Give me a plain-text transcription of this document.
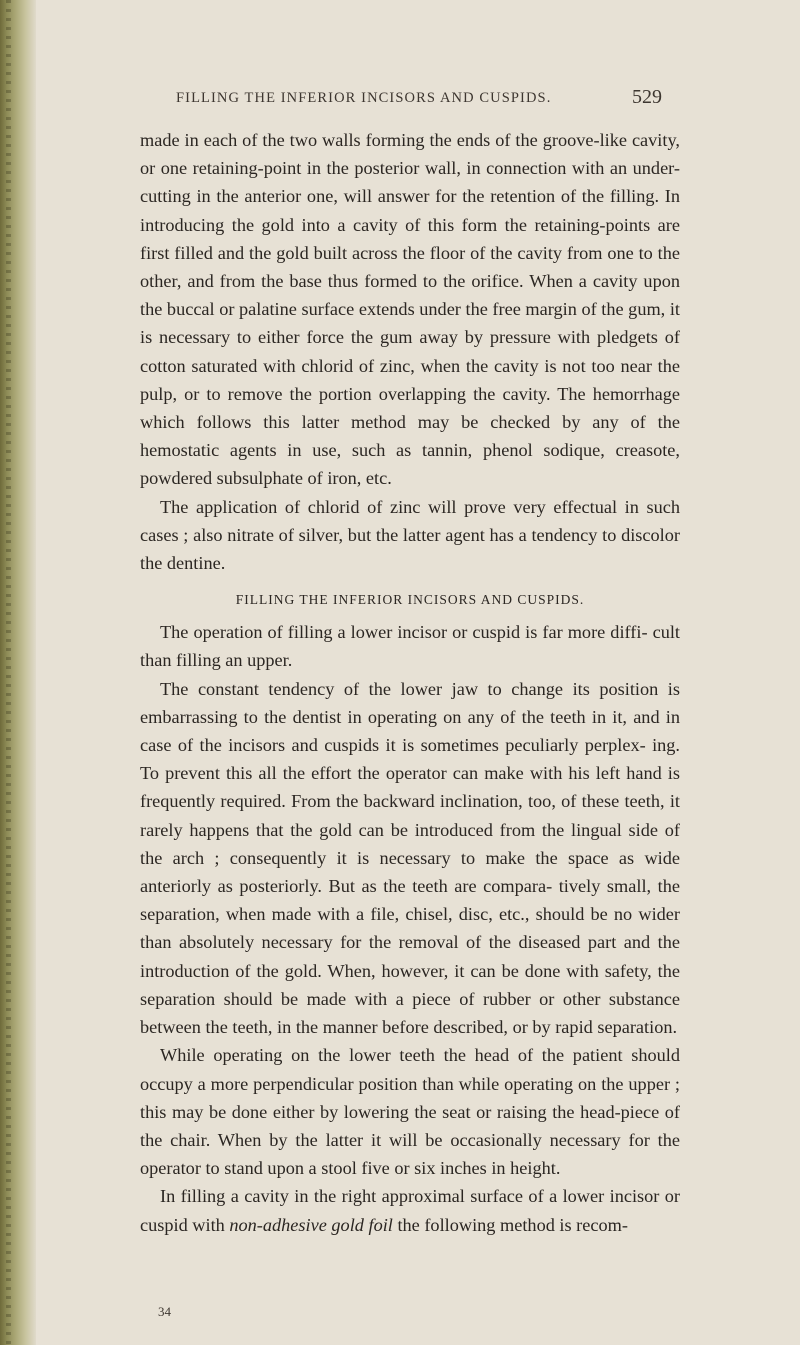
FILLING THE INFERIOR INCISORS AND CUSPIDS.	529

made in each of the two walls forming the ends of the groove-like cavity, or one retaining-point in the posterior wall, in connection with an under-cutting in the anterior one, will answer for the retention of the filling. In introducing the gold into a cavity of this form the retaining-points are first filled and the gold built across the floor of the cavity from one to the other, and from the base thus formed to the orifice. When a cavity upon the buccal or palatine surface extends under the free margin of the gum, it is necessary to either force the gum away by pressure with pledgets of cotton saturated with chlorid of zinc, when the cavity is not too near the pulp, or to remove the portion overlapping the cavity. The hemorrhage which follows this latter method may be checked by any of the hemostatic agents in use, such as tannin, phenol sodique, creasote, powdered subsulphate of iron, etc.

The application of chlorid of zinc will prove very effectual in such cases ; also nitrate of silver, but the latter agent has a tendency to discolor the dentine.

FILLING THE INFERIOR INCISORS AND CUSPIDS.

The operation of filling a lower incisor or cuspid is far more diffi- cult than filling an upper.

The constant tendency of the lower jaw to change its position is embarrassing to the dentist in operating on any of the teeth in it, and in case of the incisors and cuspids it is sometimes peculiarly perplex- ing. To prevent this all the effort the operator can make with his left hand is frequently required. From the backward inclination, too, of these teeth, it rarely happens that the gold can be introduced from the lingual side of the arch ; consequently it is necessary to make the space as wide anteriorly as posteriorly. But as the teeth are compara- tively small, the separation, when made with a file, chisel, disc, etc., should be no wider than absolutely necessary for the removal of the diseased part and the introduction of the gold. When, however, it can be done with safety, the separation should be made with a piece of rubber or other substance between the teeth, in the manner before described, or by rapid separation.

While operating on the lower teeth the head of the patient should occupy a more perpendicular position than while operating on the upper ; this may be done either by lowering the seat or raising the head-piece of the chair. When by the latter it will be occasionally necessary for the operator to stand upon a stool five or six inches in height.

In filling a cavity in the right approximal surface of a lower incisor or cuspid with non-adhesive gold foil the following method is recom-

34
